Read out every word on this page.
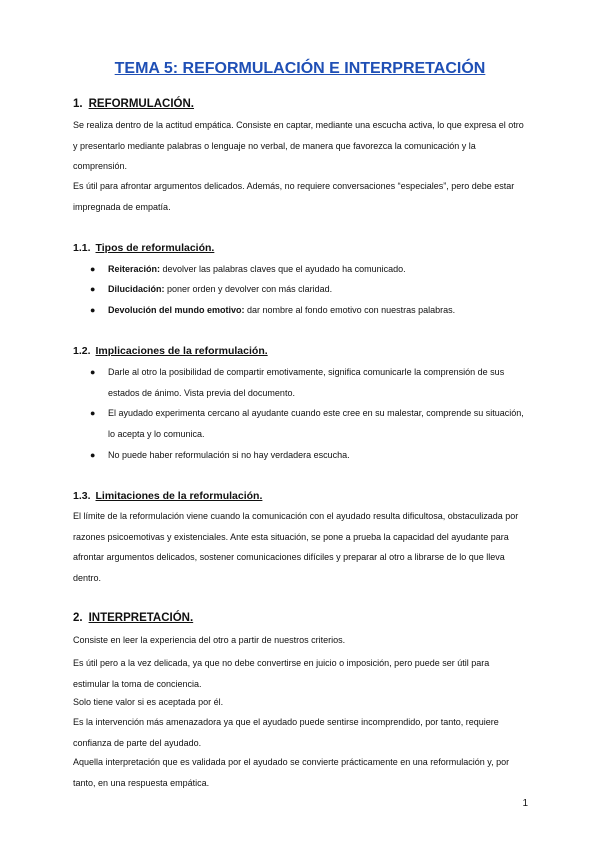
TEMA 5: REFORMULACIÓN E INTERPRETACIÓN
1. REFORMULACIÓN.
Se realiza dentro de la actitud empática. Consiste en captar, mediante una escucha activa, lo que expresa el otro y presentarlo mediante palabras o lenguaje no verbal, de manera que favorezca la comunicación y la comprensión.
Es útil para afrontar argumentos delicados. Además, no requiere conversaciones “especiales”, pero debe estar impregnada de empatía.
1.1. Tipos de reformulación.
●	Reiteración: devolver las palabras claves que el ayudado ha comunicado.
●	Dilucidación: poner orden y devolver con más claridad.
●	Devolución del mundo emotivo: dar nombre al fondo emotivo con nuestras palabras.
1.2. Implicaciones de la reformulación.
●	Darle al otro la posibilidad de compartir emotivamente, significa comunicarle la comprensión de sus estados de ánimo. Vista previa del documento.
●	El ayudado experimenta cercano al ayudante cuando este cree en su malestar, comprende su situación, lo acepta y lo comunica.
●	No puede haber reformulación si no hay verdadera escucha.
1.3. Limitaciones de la reformulación.
El límite de la reformulación viene cuando la comunicación con el ayudado resulta dificultosa, obstaculizada por razones psicoemotivas y existenciales. Ante esta situación, se pone a prueba la capacidad del ayudante para afrontar argumentos delicados, sostener comunicaciones difíciles y preparar al otro a librarse de lo que lleva dentro.
2. INTERPRETACIÓN.
Consiste en leer la experiencia del otro a partir de nuestros criterios.
Es útil pero a la vez delicada, ya que no debe convertirse en juicio o imposición, pero puede ser útil para estimular la toma de conciencia.
Solo tiene valor si es aceptada por él.
Es la intervención más amenazadora ya que el ayudado puede sentirse incomprendido, por tanto, requiere confianza de parte del ayudado.
Aquella interpretación que es validada por el ayudado se convierte prácticamente en una reformulación y, por tanto, en una respuesta empática.
1
